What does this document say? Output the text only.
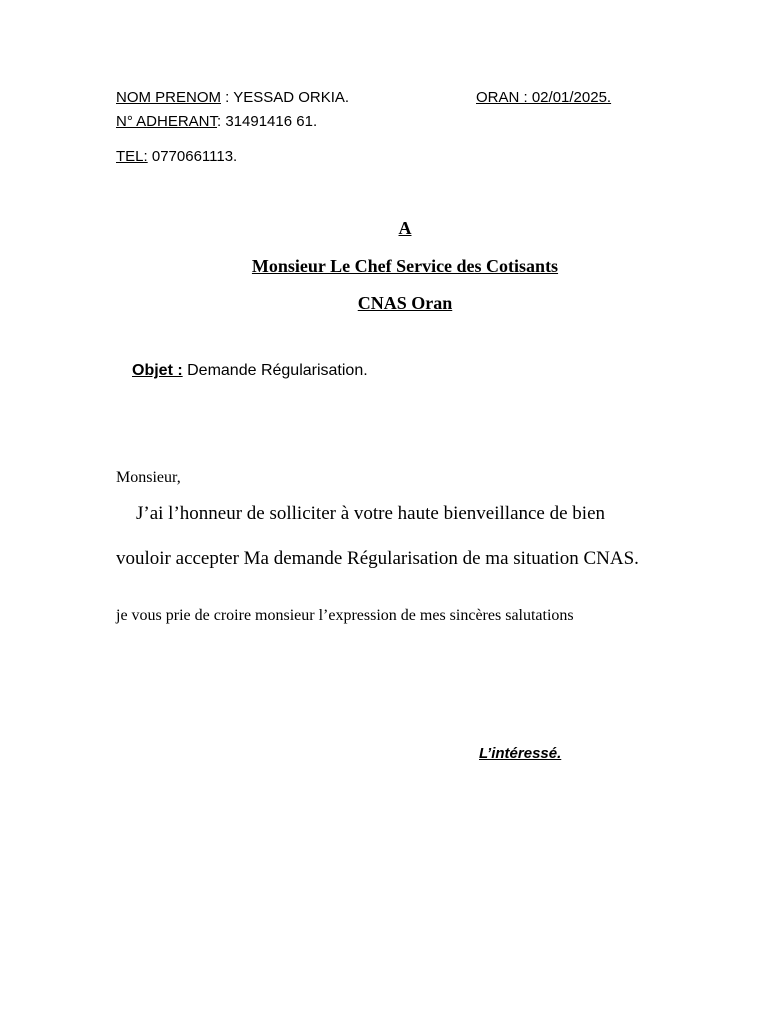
NOM PRENOM : YESSAD ORKIA.	ORAN : 02/01/2025.
N° ADHERANT: 31491416 61.
TEL: 0770661113.
A
Monsieur Le Chef Service des Cotisants
CNAS Oran
Objet : Demande Régularisation.
Monsieur,
J’ai l’honneur de solliciter à votre haute bienveillance de bien
vouloir accepter Ma demande Régularisation de ma situation CNAS.
je vous prie de croire monsieur l’expression de mes sincères salutations
L’intéressé.
